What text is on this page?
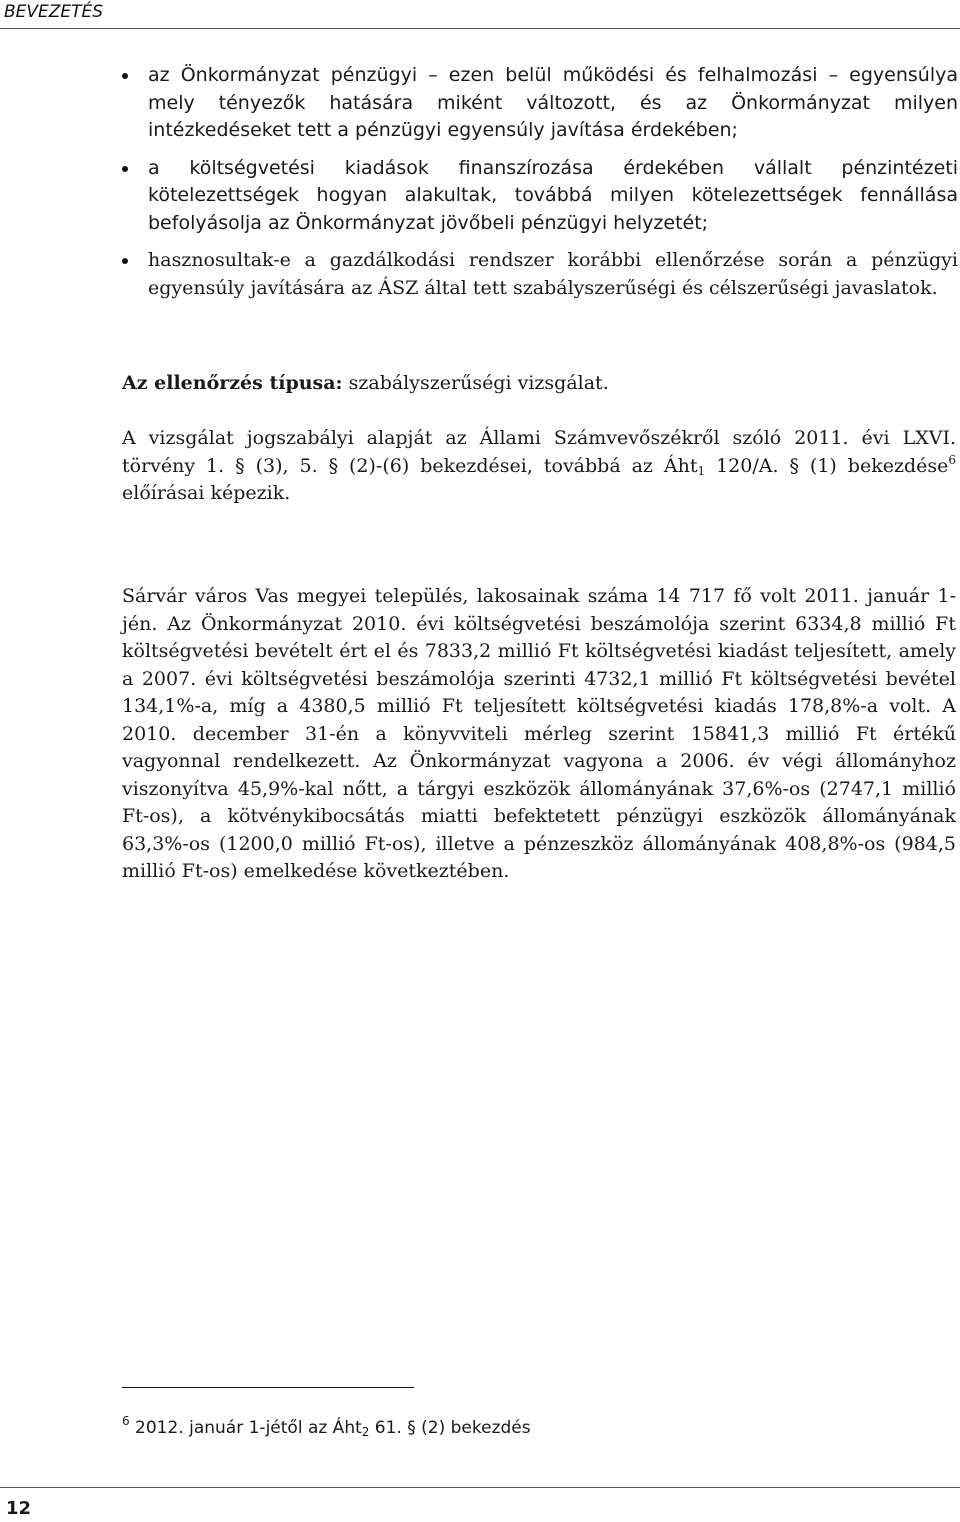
BEVEZETÉS
az Önkormányzat pénzügyi – ezen belül működési és felhalmozási – egyensúlya mely tényezők hatására miként változott, és az Önkormányzat milyen intézkedéseket tett a pénzügyi egyensúly javítása érdekében;
a költségvetési kiadások finanszírozása érdekében vállalt pénzintézeti kötelezettségek hogyan alakultak, továbbá milyen kötelezettségek fennállása befolyásolja az Önkormányzat jövőbeli pénzügyi helyzetét;
hasznosultak-e a gazdálkodási rendszer korábbi ellenőrzése során a pénzügyi egyensúly javítására az ÁSZ által tett szabályszerűségi és célszerűségi javaslatok.

Az ellenőrzés típusa: szabályszerűségi vizsgálat.

A vizsgálat jogszabályi alapját az Állami Számvevőszékről szóló 2011. évi LXVI. törvény 1. § (3), 5. § (2)-(6) bekezdései, továbbá az Áht$_1$ 120/A. § (1) bekezdése$^6$ előírásai képezik.

Sárvár város Vas megyei település, lakosainak száma 14 717 fő volt 2011. január 1-jén. Az Önkormányzat 2010. évi költségvetési beszámolója szerint 6334,8 millió Ft költségvetési bevételt ért el és 7833,2 millió Ft költségvetési kiadást teljesített, amely a 2007. évi költségvetési beszámolója szerinti 4732,1 millió Ft költségvetési bevétel 134,1%-a, míg a 4380,5 millió Ft teljesített költségvetési kiadás 178,8%-a volt. A 2010. december 31-én a könyvviteli mérleg szerint 15841,3 millió Ft értékű vagyonnal rendelkezett. Az Önkormányzat vagyona a 2006. év végi állományhoz viszonyítva 45,9%-kal nőtt, a tárgyi eszközök állományának 37,6%-os (2747,1 millió Ft-os), a kötvénykibocsátás miatti befektetett pénzügyi eszközök állományának 63,3%-os (1200,0 millió Ft-os), illetve a pénzeszköz állományának 408,8%-os (984,5 millió Ft-os) emelkedése következtében.

$^6$ 2012. január 1-jétől az Áht$_2$ 61. § (2) bekezdés
12
